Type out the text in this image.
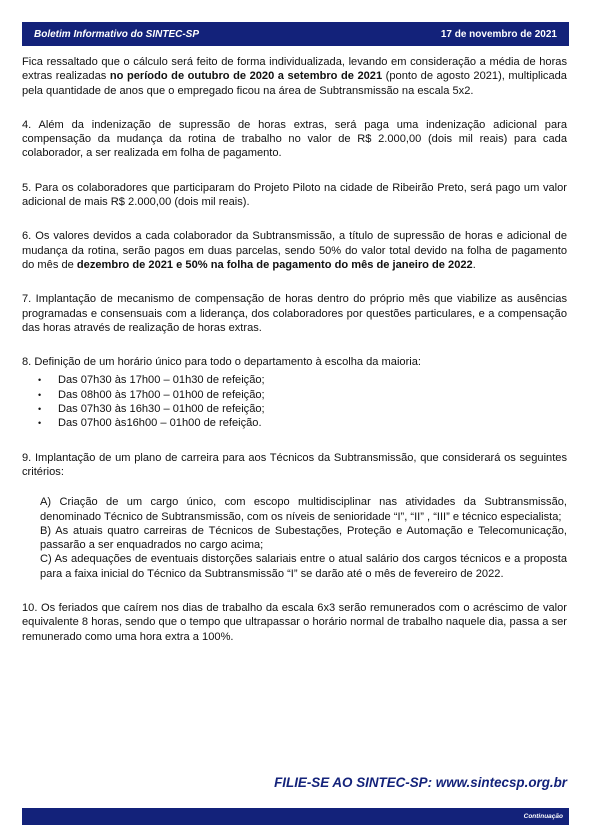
Boletim Informativo do SINTEC-SP	17 de novembro de 2021

Fica ressaltado que o cálculo será feito de forma individualizada, levando em consideração a média de horas extras realizadas no período de outubro de 2020 a setembro de 2021 (ponto de agosto 2021), multiplicada pela quantidade de anos que o empregado ficou na área de Subtransmissão na escala 5x2.

4. Além da indenização de supressão de horas extras, será paga uma indenização adicional para compensação da mudança da rotina de trabalho no valor de R$ 2.000,00 (dois mil reais) para cada colaborador, a ser realizada em folha de pagamento.

5. Para os colaboradores que participaram do Projeto Piloto na cidade de Ribeirão Preto, será pago um valor adicional de mais R$ 2.000,00 (dois mil reais).

6. Os valores devidos a cada colaborador da Subtransmissão, a título de supressão de horas e adicional de mudança da rotina, serão pagos em duas parcelas, sendo 50% do valor total devido na folha de pagamento do mês de dezembro de 2021 e 50% na folha de pagamento do mês de janeiro de 2022.

7. Implantação de mecanismo de compensação de horas dentro do próprio mês que viabilize as ausências programadas e consensuais com a liderança, dos colaboradores por questões particulares, e a compensação das horas através de realização de horas extras.

8. Definição de um horário único para todo o departamento à escolha da maioria:

• Das 07h30 às 17h00 – 01h30 de refeição;
• Das 08h00 às 17h00 – 01h00 de refeição;
• Das 07h30 às 16h30 – 01h00 de refeição;
• Das 07h00 às16h00 – 01h00 de refeição.

9. Implantação de um plano de carreira para aos Técnicos da Subtransmissão, que considerará os seguintes critérios:

A) Criação de um cargo único, com escopo multidisciplinar nas atividades da Subtransmissão, denominado Técnico de Subtransmissão, com os níveis de senioridade “I”, “II” , “III” e técnico especialista;

B) As atuais quatro carreiras de Técnicos de Subestações, Proteção e Automação e Telecomunicação, passarão a ser enquadrados no cargo acima;

C) As adequações de eventuais distorções salariais entre o atual salário dos cargos técnicos e a proposta para a faixa inicial do Técnico da Subtransmissão “I” se darão até o mês de fevereiro de 2022.

10. Os feriados que caírem nos dias de trabalho da escala 6x3 serão remunerados com o acréscimo de valor equivalente 8 horas, sendo que o tempo que ultrapassar o horário normal de trabalho naquele dia, passa a ser remunerado como uma hora extra a 100%.

FILIE-SE AO SINTEC-SP: www.sintecsp.org.br
Continuação
